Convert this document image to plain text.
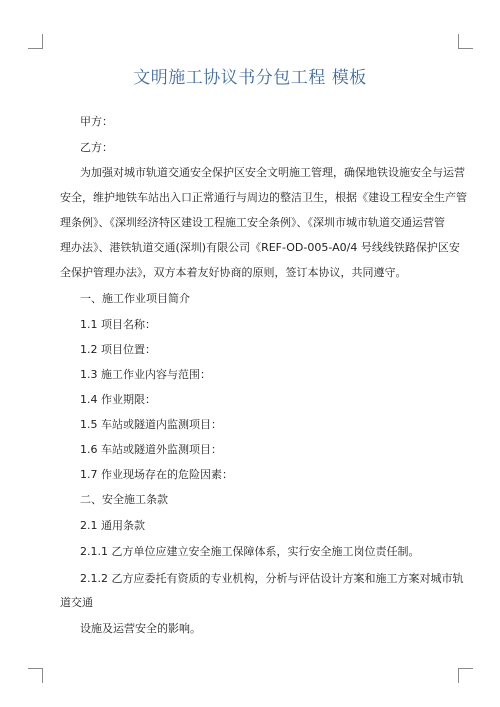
文明施工协议书分包工程 模板
甲方：
乙方：
为加强对城市轨道交通安全保护区安全文明施工管理，确保地铁设施安全与运营
安全，维护地铁车站出入口正常通行与周边的整洁卫生，根据《建设工程安全生产管
理条例》、《深圳经济特区建设工程施工安全条例》、《深圳市城市轨道交通运营管
理办法》、港铁轨道交通(深圳)有限公司《REF-OD-005-A0/4 号线线铁路保护区安
全保护管理办法》，双方本着友好协商的原则，签订本协议，共同遵守。
一、施工作业项目简介
1.1 项目名称：
1.2 项目位置：
1.3 施工作业内容与范围：
1.4 作业期限：
1.5 车站或隧道内监测项目：
1.6 车站或隧道外监测项目：
1.7 作业现场存在的危险因素：
二、安全施工条款
2.1 通用条款
2.1.1 乙方单位应建立安全施工保障体系，实行安全施工岗位责任制。
2.1.2 乙方应委托有资质的专业机构，分析与评估设计方案和施工方案对城市轨
道交通
设施及运营安全的影响。
